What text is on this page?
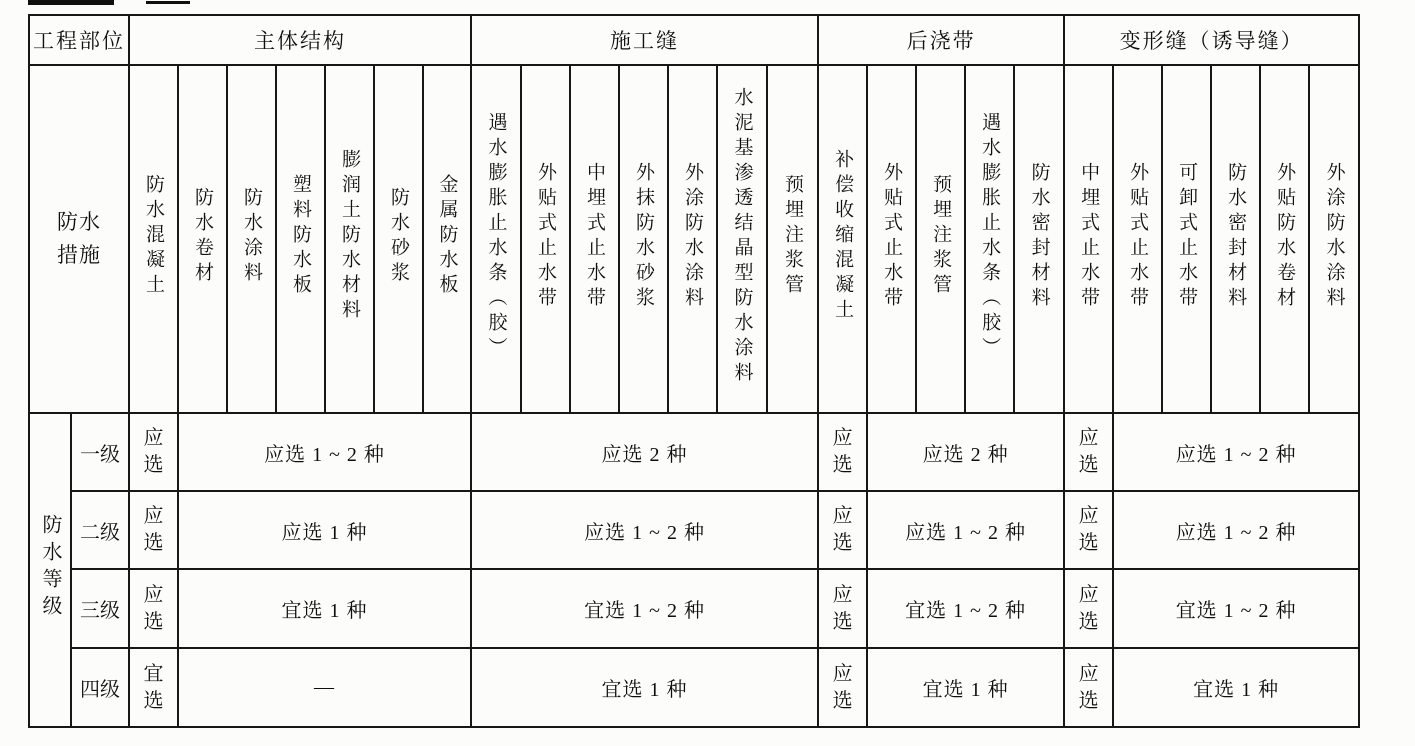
工程部位		主体结构							施工缝							后浇带					变形缝（诱导缝）					
防水措施		防水混凝土	防水卷材	防水涂料	塑料防水板	膨润土防水材料	防水砂浆	金属防水板	遇水膨胀止水条（胶）	外贴式止水带	中埋式止水带	外抹防水砂浆	外涂防水涂料	水泥基渗透结晶型防水涂料	预埋注浆管	补偿收缩混凝土	外贴式止水带	预埋注浆管	遇水膨胀止水条（胶）	防水密封材料	中埋式止水带	外贴式止水带	可卸式止水带	防水密封材料	外贴防水卷材	外涂防水涂料
防水等级	一级	应选	应选 1 ~ 2 种						应选 2 种							应选	应选 2 种				应选	应选 1 ~ 2 种				
	二级	应选	应选 1 种						应选 1 ~ 2 种							应选	应选 1 ~ 2 种				应选	应选 1 ~ 2 种				
	三级	应选	宜选 1 种						宜选 1 ~ 2 种							应选	宜选 1 ~ 2 种				应选	宜选 1 ~ 2 种				
	四级	宜选	—						宜选 1 种							应选	宜选 1 种				应选	宜选 1 种				
